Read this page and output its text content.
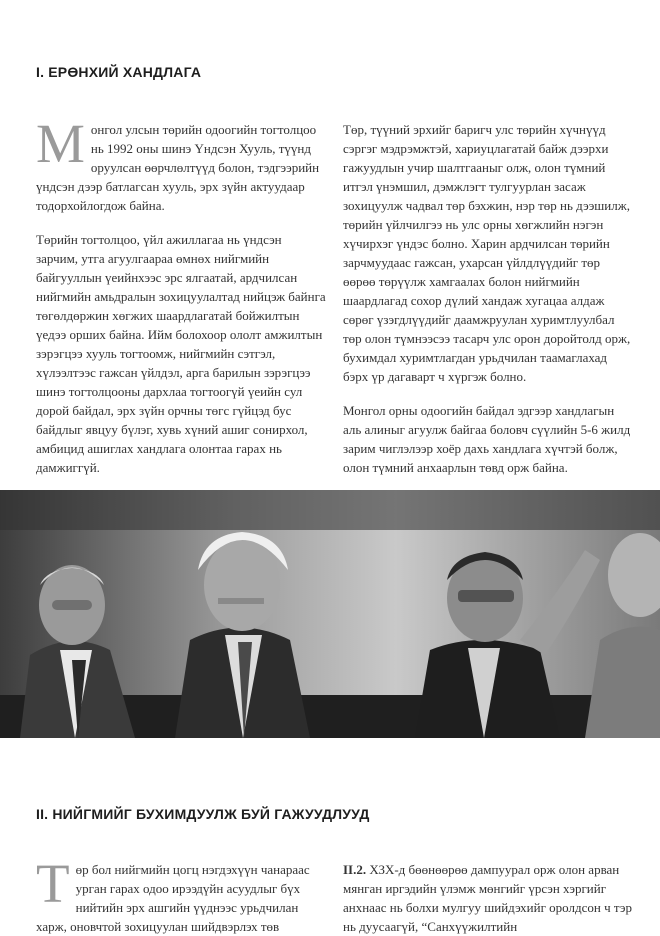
I. ЕРӨНХИЙ ХАНДЛАГА

Монгол улсын төрийн одоогийн тогтолцоо нь 1992 оны шинэ Үндсэн Хууль, түүнд оруулсан өөрчлөлтүүд болон, тэдгээрийн үндсэн дээр батлагсан хууль, эрх зүйн актуудаар тодорхойлогдож байна.

Төрийн тогтолцоо, үйл ажиллагаа нь үндсэн зарчим, утга агуулгаараа өмнөх нийгмийн байгууллын үеийнхээс эрс ялгаатай, ардчилсан нийгмийн амьдралын зохицуулалтад нийцэж байнга төгөлдөржин хөгжих шаардлагатай бойжилтын үедээ орших байна. Ийм болохоор ололт амжилтын зэрэгцээ хууль тогтоомж, нийгмийн сэтгэл, хүлээлтээс гажсан үйлдэл, арга барилын зэрэгцээ шинэ тогтолцооны дархлаа тогтоогүй үеийн сул дорой байдал, эрх зүйн орчны төгс гүйцэд бус байдлыг явцуу бүлэг, хувь хүний ашиг сонирхол, амбицид ашиглах хандлага олонтаа гарах нь дамжиггүй.

Төр, түүний эрхийг баригч улс төрийн хүчнүүд сэргэг мэдрэмжтэй, хариуцлагатай байж дээрхи гажуудлын учир шалтгааныг олж, олон түмний итгэл үнэмшил, дэмжлэгт тулгуурлан засаж зохицуулж чадвал төр бэхжин, нэр төр нь дээшилж, төрийн үйлчилгээ нь улс орны хөгжлийн нэгэн хүчирхэг үндэс болно. Харин ардчилсан төрийн зарчмуудаас гажсан, ухарсан үйлдлүүдийг төр өөрөө төрүүлж хамгаалах болон нийгмийн шаардлагад сохор дүлий хандаж хугацаа алдаж сөрөг үзэгдлүүдийг даамжруулан хуримтлуулбал төр олон түмнээсээ тасарч улс орон доройтолд орж, бухимдал хуримтлагдан урьдчилан таамаглахад бэрх үр дагаварт ч хүргэж болно.

Монгол орны одоогийн байдал эдгээр хандлагын аль алиныг агуулж байгаа боловч сүүлийн 5-6 жилд зарим чиглэлээр хоёр дахь хандлага хүчтэй болж, олон түмний анхаарлын төвд орж байна.

II. НИЙГМИЙГ БУХИМДУУЛЖ БУЙ ГАЖУУДЛУУД

Төр бол нийгмийн цогц нэгдэхүүн чанараас урган гарах одоо ирээдүйн асуудлыг бүх нийтийн эрх ашгийн үүднээс урьдчилан харж, оновчтой зохицуулан шийдвэрлэх төв

II.2. ХЗХ-д бөөнөөрөө дампуурал орж олон арван мянган иргэдийн үлэмж мөнгийг үрсэн хэргийг анхнаас нь болхи мулгуу шийдэхийг оролдсон ч тэр нь дуусаагүй, “Санхүүжилтийн
